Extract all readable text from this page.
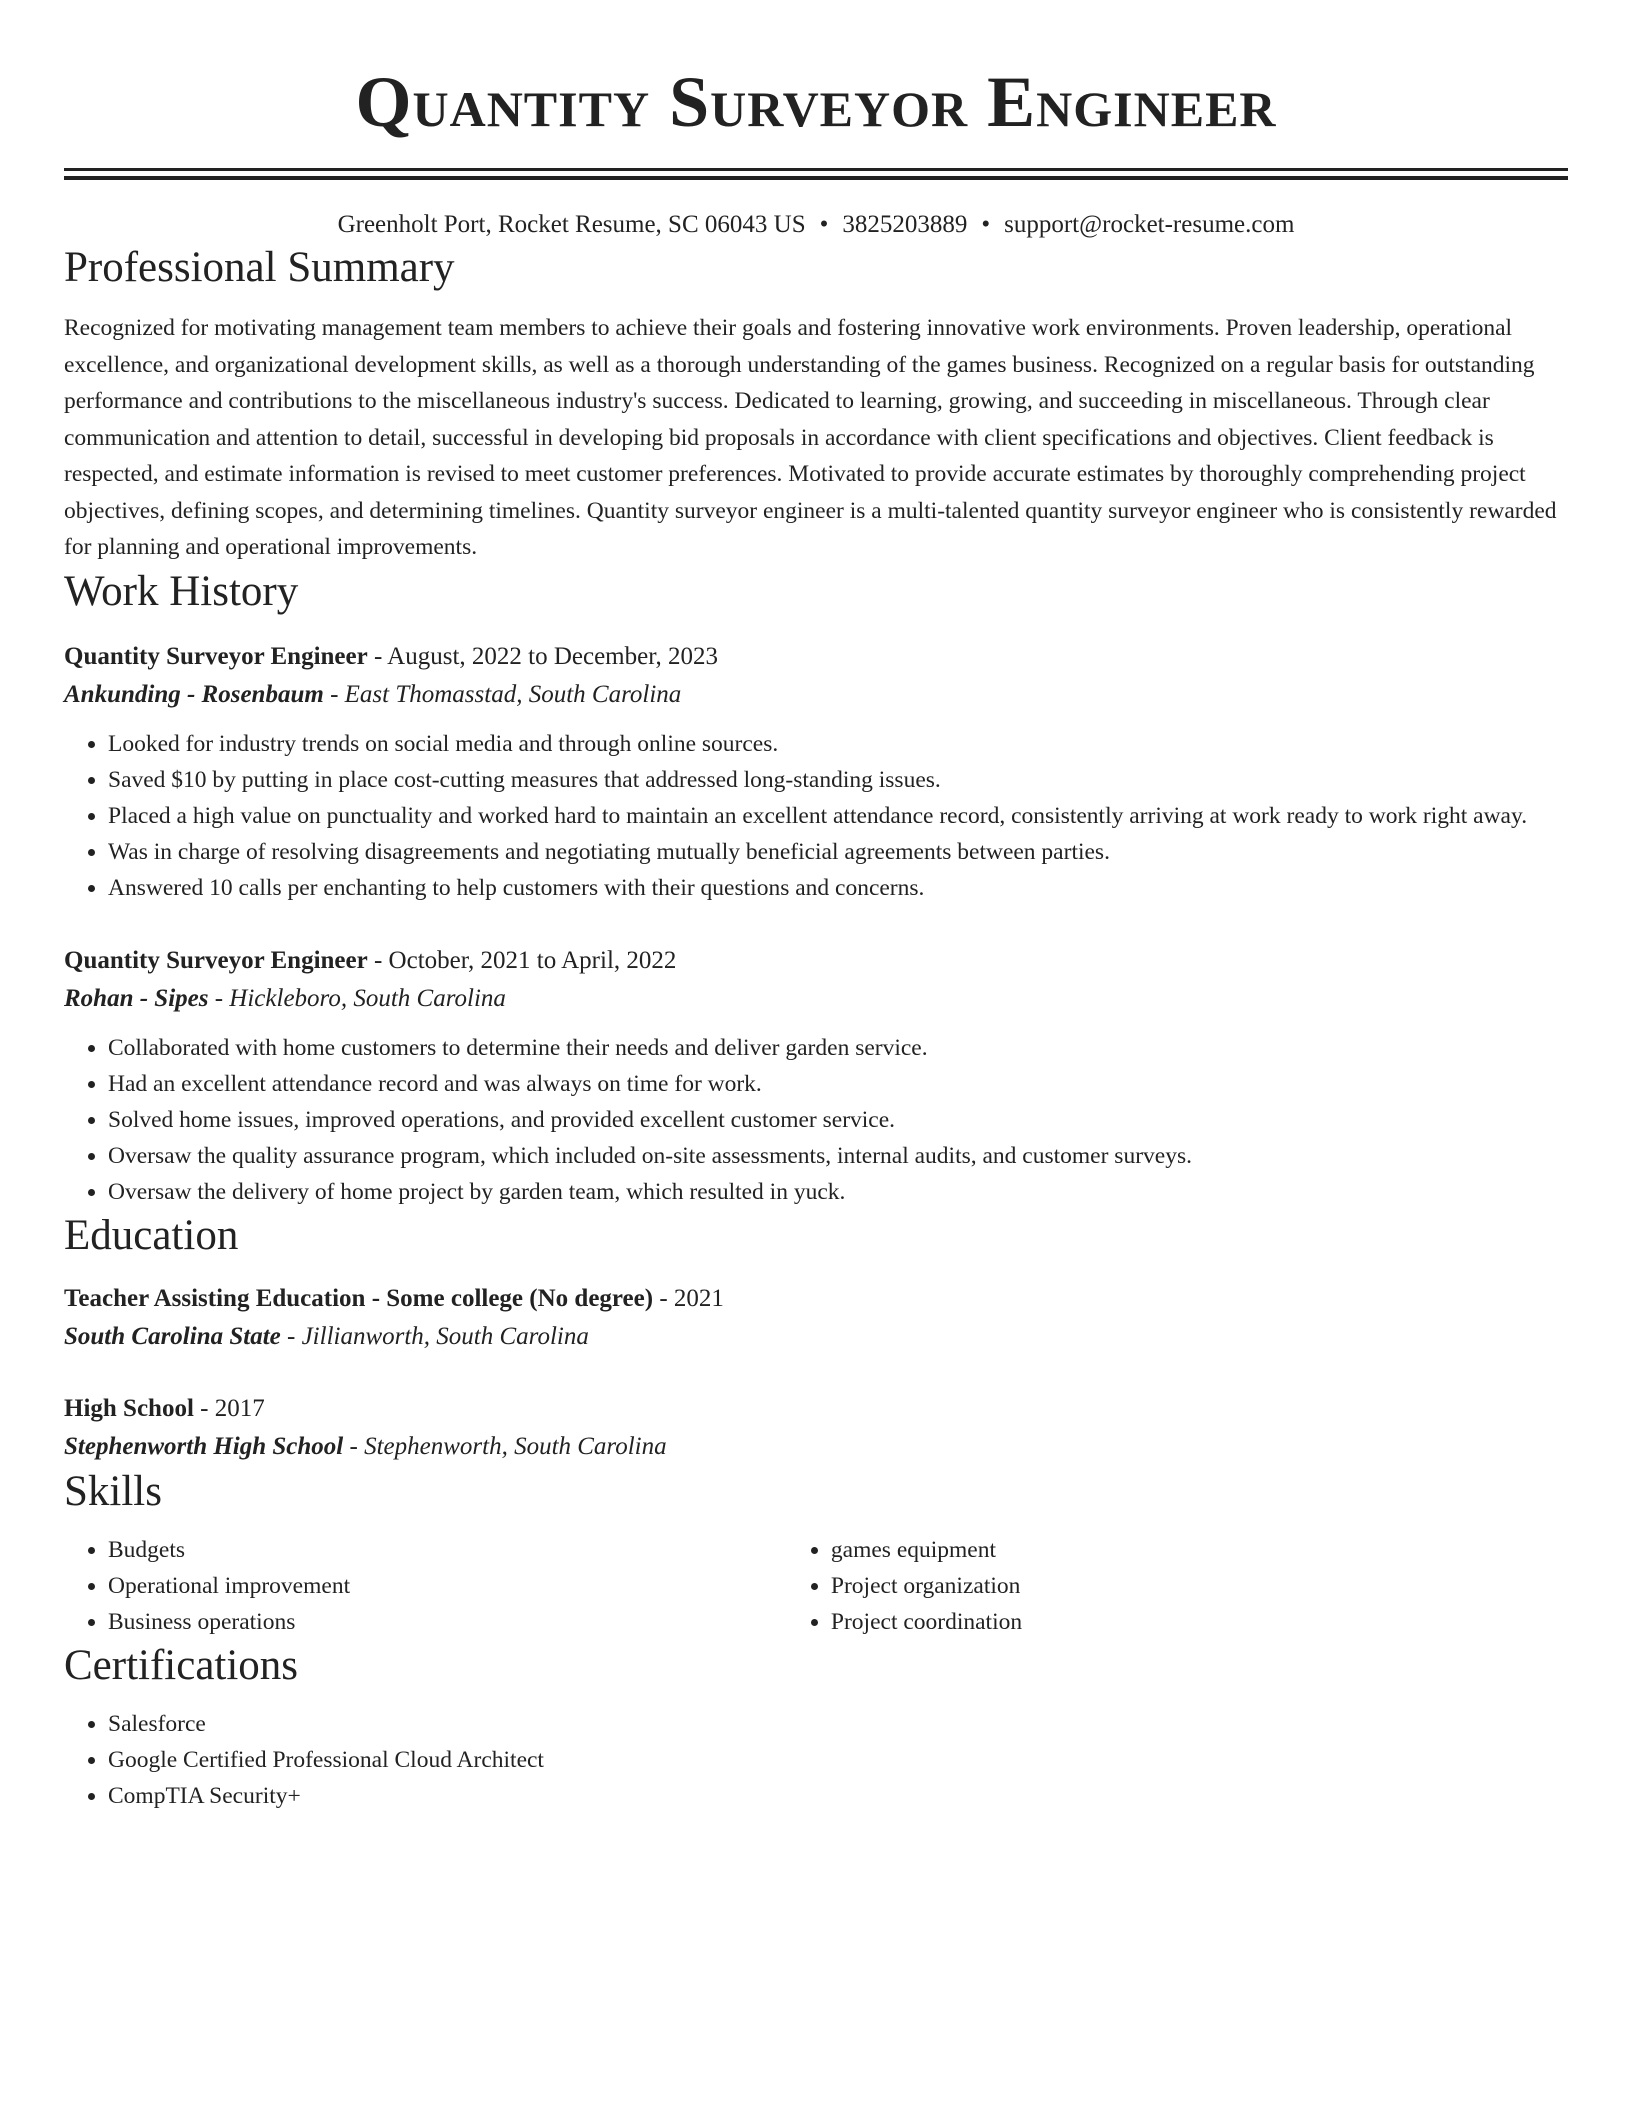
Quantity Surveyor Engineer
Greenholt Port, Rocket Resume, SC 06043 US • 3825203889 • support@rocket-resume.com
Professional Summary

Recognized for motivating management team members to achieve their goals and fostering innovative work environments. Proven leadership, operational excellence, and organizational development skills, as well as a thorough understanding of the games business. Recognized on a regular basis for outstanding performance and contributions to the miscellaneous industry's success. Dedicated to learning, growing, and succeeding in miscellaneous. Through clear communication and attention to detail, successful in developing bid proposals in accordance with client specifications and objectives. Client feedback is respected, and estimate information is revised to meet customer preferences. Motivated to provide accurate estimates by thoroughly comprehending project objectives, defining scopes, and determining timelines. Quantity surveyor engineer is a multi-talented quantity surveyor engineer who is consistently rewarded for planning and operational improvements.

Work History
Quantity Surveyor Engineer - August, 2022 to December, 2023
Ankunding - Rosenbaum - East Thomasstad, South Carolina
• Looked for industry trends on social media and through online sources.
• Saved $10 by putting in place cost-cutting measures that addressed long-standing issues.
• Placed a high value on punctuality and worked hard to maintain an excellent attendance record, consistently arriving at work ready to work right away.
• Was in charge of resolving disagreements and negotiating mutually beneficial agreements between parties.
• Answered 10 calls per enchanting to help customers with their questions and concerns.
Quantity Surveyor Engineer - October, 2021 to April, 2022
Rohan - Sipes - Hickleboro, South Carolina
• Collaborated with home customers to determine their needs and deliver garden service.
• Had an excellent attendance record and was always on time for work.
• Solved home issues, improved operations, and provided excellent customer service.
• Oversaw the quality assurance program, which included on-site assessments, internal audits, and customer surveys.
• Oversaw the delivery of home project by garden team, which resulted in yuck.
Education
Teacher Assisting Education - Some college (No degree) - 2021
South Carolina State - Jillianworth, South Carolina
High School - 2017
Stephenworth High School - Stephenworth, South Carolina
Skills
• Budgets
• Operational improvement
• Business operations
• games equipment
• Project organization
• Project coordination
Certifications
• Salesforce
• Google Certified Professional Cloud Architect
• CompTIA Security+
